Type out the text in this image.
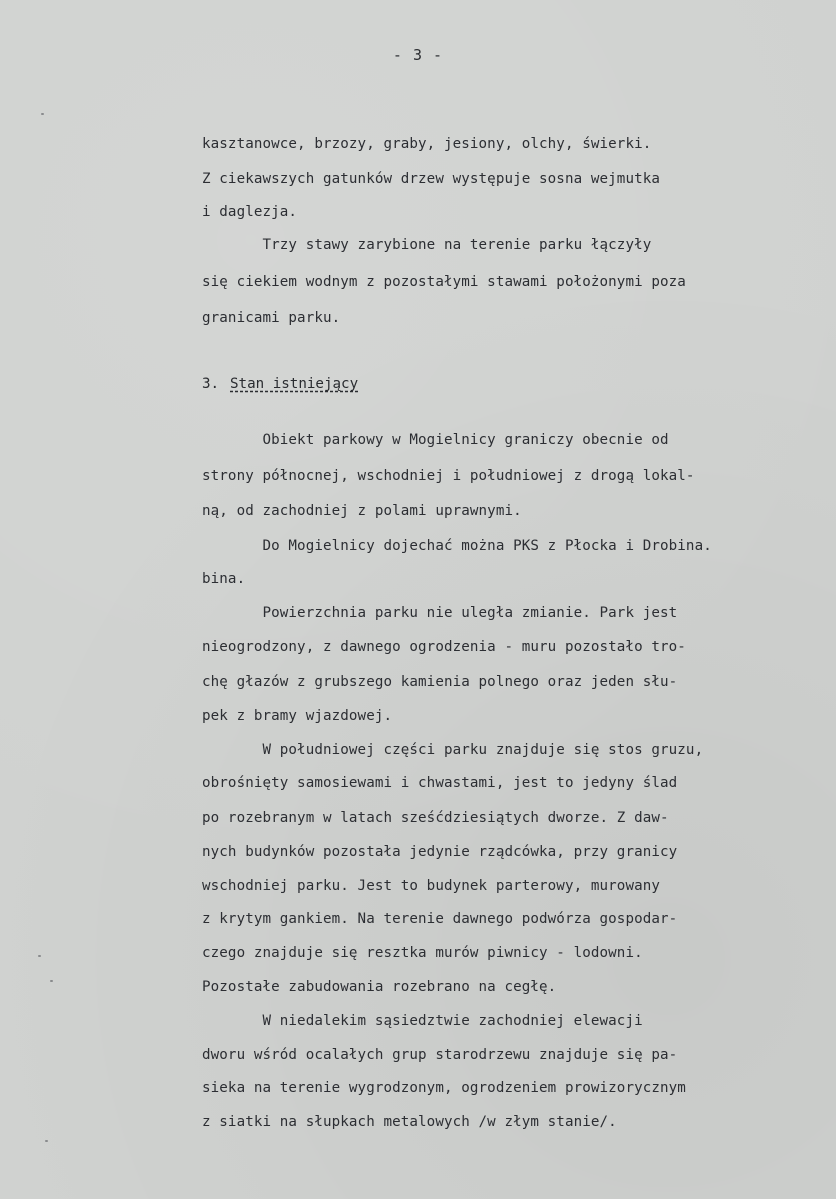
- 3 -
kasztanowce, brzozy, graby, jesiony, olchy, świerki.
Z ciekawszych gatunków drzew występuje sosna wejmutka
i daglezja.
Trzy stawy zarybione na terenie parku łączyły
się ciekiem wodnym z pozostałymi stawami położonymi poza
granicami parku.
3. Stan istniejący
Obiekt parkowy w Mogielnicy graniczy obecnie od
strony północnej, wschodniej i południowej z drogą lokal-
ną, od zachodniej z polami uprawnymi.
Do Mogielnicy dojechać można PKS z Płocka i Drobina.
bina.
Powierzchnia parku nie uległa zmianie. Park jest
nieogrodzony, z dawnego ogrodzenia - muru pozostało tro-
chę głazów z grubszego kamienia polnego oraz jeden słu-
pek z bramy wjazdowej.
W południowej części parku znajduje się stos gruzu,
obrośnięty samosiewami i chwastami, jest to jedyny ślad
po rozebranym w latach sześćdziesiątych dworze. Z daw-
nych budynków pozostała jedynie rządcówka, przy granicy
wschodniej parku. Jest to budynek parterowy, murowany
z krytym gankiem. Na terenie dawnego podwórza gospodar-
czego znajduje się resztka murów piwnicy - lodowni.
Pozostałe zabudowania rozebrano na cegłę.
W niedalekim sąsiedztwie zachodniej elewacji
dworu wśród ocalałych grup starodrzewu znajduje się pa-
sieka na terenie wygrodzonym, ogrodzeniem prowizorycznym
z siatki na słupkach metalowych /w złym stanie/.
